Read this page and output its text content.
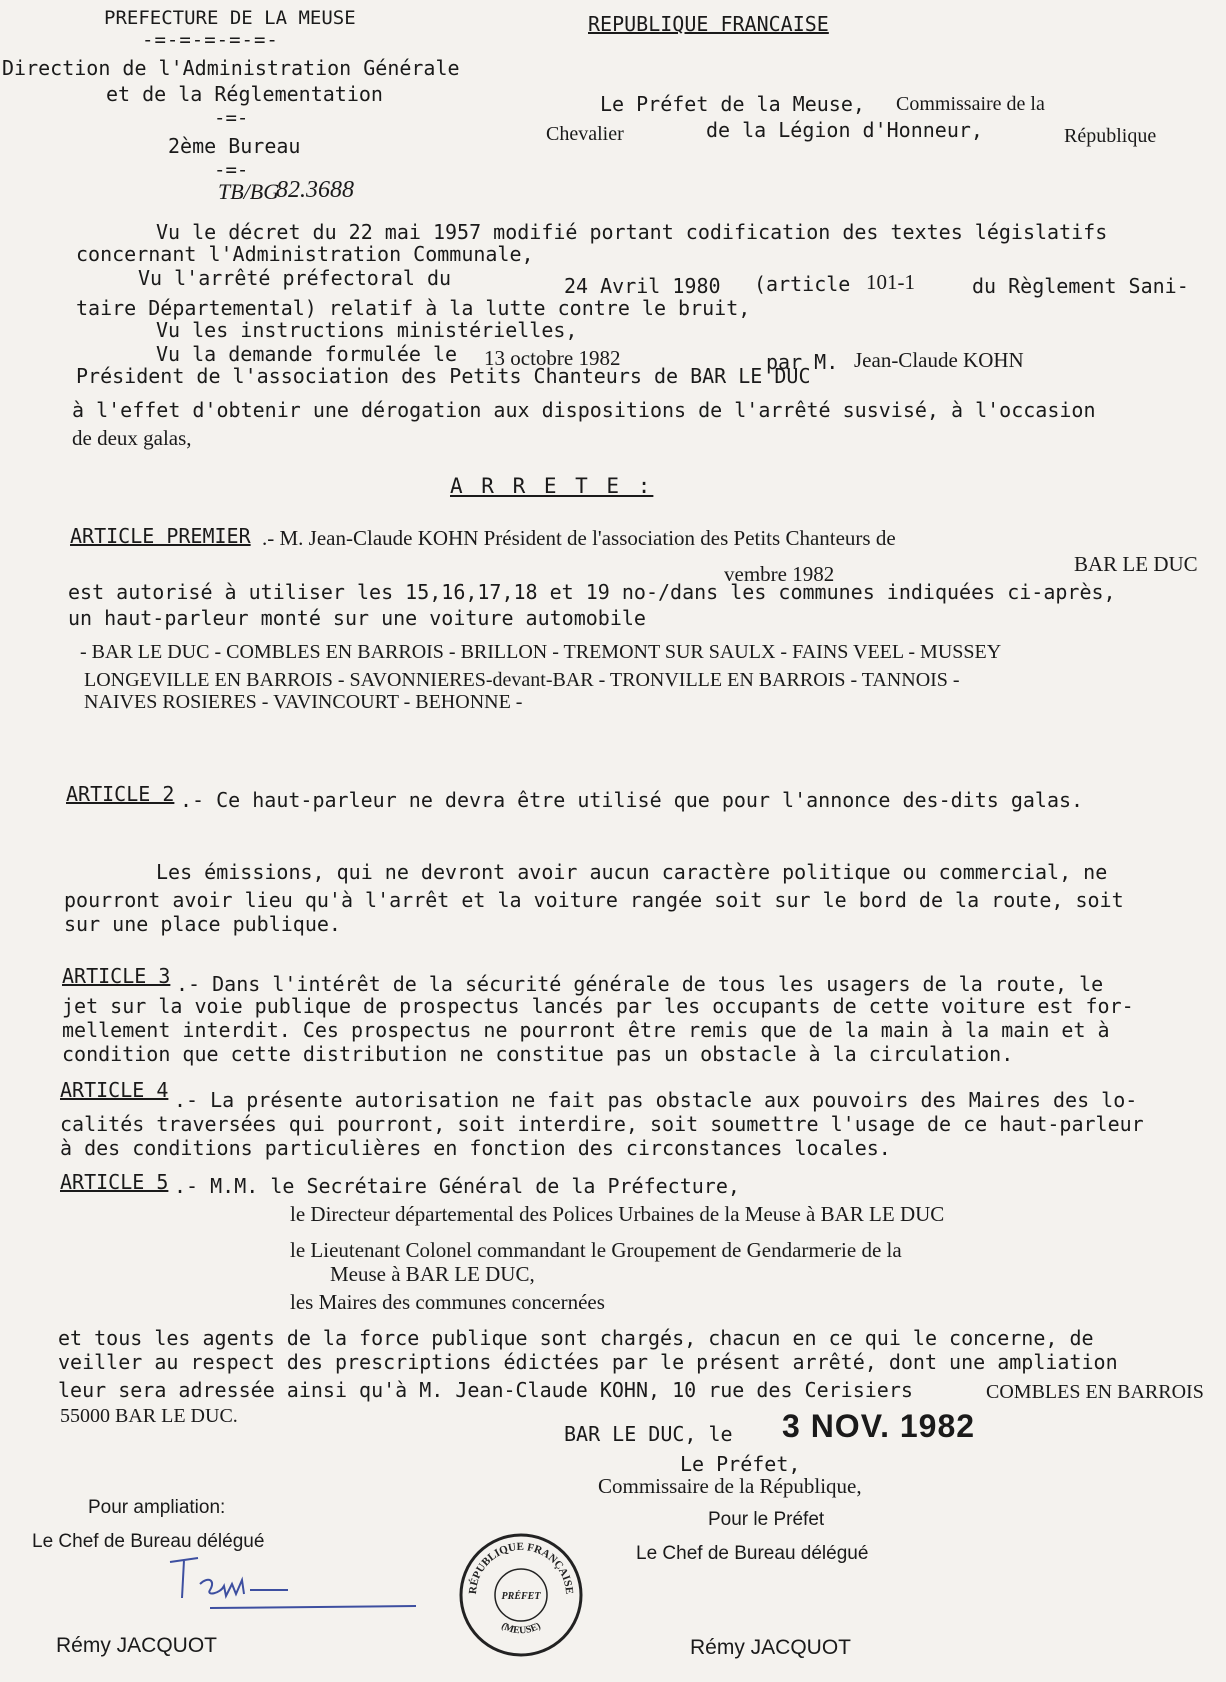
PREFECTURE DE LA MEUSE
-=-=-=-=-=-
Direction de l'Administration Générale
et de la Réglementation
-=-
2ème Bureau
-=-
TB/BG
82.3688
REPUBLIQUE FRANCAISE
Le Préfet de la Meuse, Commissaire de la
Chevalier	de la Légion d'Honneur,	République
Vu le décret du 22 mai 1957 modifié portant codification des textes législatifs
concernant l'Administration Communale,
Vu l'arrêté préfectoral du	24 Avril 1980 (article 101-1	du Règlement Sani-
taire Départemental) relatif à la lutte contre le bruit,
Vu les instructions ministérielles,
Vu la demande formulée le 13 octobre 1982	par M. Jean-Claude KOHN
Président de l'association des Petits Chanteurs de BAR LE DUC
à l'effet d'obtenir une dérogation aux dispositions de l'arrêté susvisé, à l'occasion
de deux galas,
A R R E T E :
ARTICLE PREMIER .- M. Jean-Claude KOHN Président de l'association des Petits Chanteurs de
BAR LE DUC
vembre 1982
est autorisé à utiliser les 15,16,17,18 et 19 no-/dans les communes indiquées ci-après,
un haut-parleur monté sur une voiture automobile
- BAR LE DUC - COMBLES EN BARROIS - BRILLON - TREMONT SUR SAULX - FAINS VEEL - MUSSEY
LONGEVILLE EN BARROIS - SAVONNIERES-devant-BAR - TRONVILLE EN BARROIS - TANNOIS -
NAIVES ROSIERES - VAVINCOURT - BEHONNE -
ARTICLE 2 .- Ce haut-parleur ne devra être utilisé que pour l'annonce des-dits galas.
Les émissions, qui ne devront avoir aucun caractère politique ou commercial, ne
pourront avoir lieu qu'à l'arrêt et la voiture rangée soit sur le bord de la route, soit
sur une place publique.
ARTICLE 3 .- Dans l'intérêt de la sécurité générale de tous les usagers de la route, le
jet sur la voie publique de prospectus lancés par les occupants de cette voiture est for-
mellement interdit. Ces prospectus ne pourront être remis que de la main à la main et à
condition que cette distribution ne constitue pas un obstacle à la circulation.
ARTICLE 4 .- La présente autorisation ne fait pas obstacle aux pouvoirs des Maires des lo-
calités traversées qui pourront, soit interdire, soit soumettre l'usage de ce haut-parleur
à des conditions particulières en fonction des circonstances locales.
ARTICLE 5 .- M.M. le Secrétaire Général de la Préfecture,
le Directeur départemental des Polices Urbaines de la Meuse à BAR LE DUC
le Lieutenant Colonel commandant le Groupement de Gendarmerie de la
Meuse à BAR LE DUC,
les Maires des communes concernées
et tous les agents de la force publique sont chargés, chacun en ce qui le concerne, de
veiller au respect des prescriptions édictées par le présent arrêté, dont une ampliation
leur sera adressée ainsi qu'à M. Jean-Claude KOHN, 10 rue des Cerisiers	COMBLES EN BARROIS
55000 BAR LE DUC.
BAR LE DUC, le 3 NOV. 1982
Le Préfet,
Commissaire de la République,
Pour le Préfet
Le Chef de Bureau délégué
Rémy JACQUOT
Pour ampliation:
Le Chef de Bureau délégué
Rémy JACQUOT
RÉPUBLIQUE FRANÇAISE
PRÉFET
(MEUSE)
